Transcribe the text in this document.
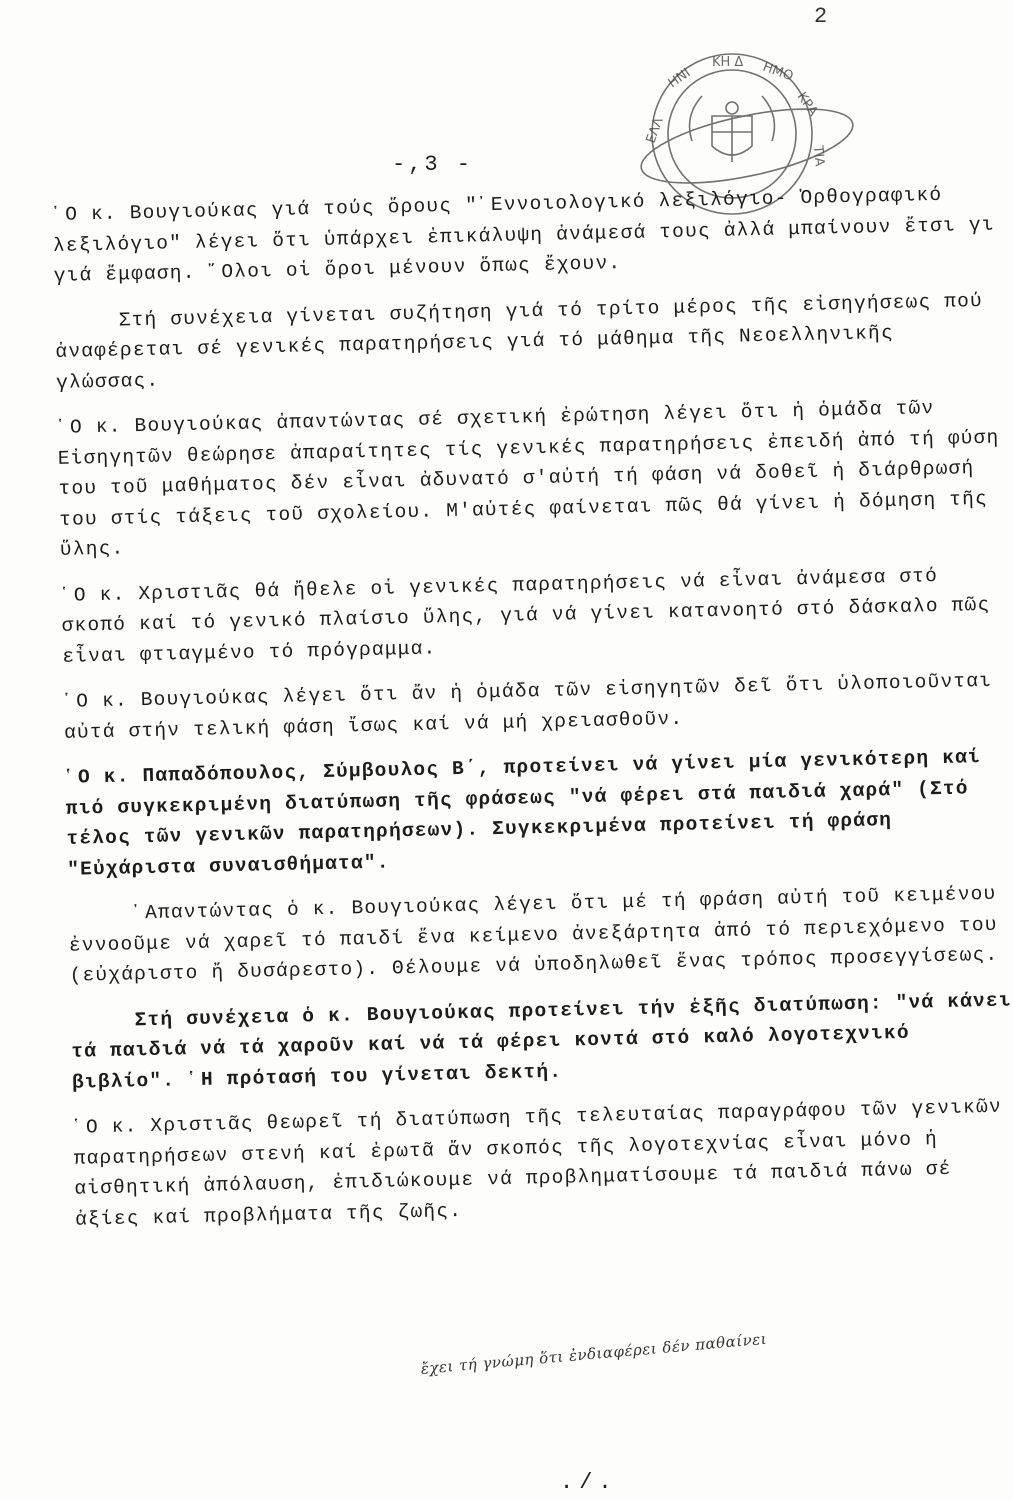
2
ΕΛΛ
ΗΝΙ
ΚΗ Δ ΗΜΟ
ΚΡΑ
ΤΙΑ
-,3 -

῾Ο κ. Βουγιούκας γιά τούς ὅρους "᾿Εννοιολογικό λεξιλόγιο- Ὀρθογραφικό λεξιλόγιο" λέγει ὅτι ὑπάρχει ἐπικάλυψη ἀνάμεσά τους ἀλλά μπαίνουν ἔτσι γι γιά ἔμφαση. ῞Ολοι οἱ ὅροι μένουν ὅπως ἔχουν.

Στή συνέχεια γίνεται συζήτηση γιά τό τρίτο μέρος τῆς εἰσηγήσεως πού ἀναφέρεται σέ γενικές παρατηρήσεις γιά τό μάθημα τῆς Νεοελληνικῆς γλώσσας.

῾Ο κ. Βουγιούκας ἀπαντώντας σέ σχετική ἐρώτηση λέγει ὅτι ἡ ὁμάδα τῶν Εἰσηγητῶν θεώρησε ἀπαραίτητες τίς γενικές παρατηρήσεις ἐπειδή ἀπό τή φύση του τοῦ μαθήματος δέν εἶναι ἀδυνατό σ'αὐτή τή φάση νά δοθεῖ ἡ διάρθρωσή του στίς τάξεις τοῦ σχολείου. Μ'αὐτές φαίνεται πῶς θά γίνει ἡ δόμηση τῆς ὕλης.

῾Ο κ. Χριστιᾶς θά ἤθελε οἱ γενικές παρατηρήσεις νά εἶναι ἀνάμεσα στό σκοπό καί τό γενικό πλαίσιο ὕλης, γιά νά γίνει κατανοητό στό δάσκαλο πῶς εἶναι φτιαγμένο τό πρόγραμμα.

῾Ο κ. Βουγιούκας λέγει ὅτι ἄν ἡ ὁμάδα τῶν εἰσηγητῶν δεῖ ὅτι ὑλοποιοῦνται αὐτά στήν τελική φάση ἴσως καί νά μή χρειασθοῦν.

῾Ο κ. Παπαδόπουλος, Σύμβουλος Β΄, προτείνει νά γίνει μία γενικότερη καί πιό συγκεκριμένη διατύπωση τῆς φράσεως "νά φέρει στά παιδιά χαρά" (Στό τέλος τῶν γενικῶν παρατηρήσεων). Συγκεκριμένα προτείνει τή φράση "Εὐχάριστα συναισθήματα".

᾿Απαντώντας ὁ κ. Βουγιούκας λέγει ὅτι μέ τή φράση αὐτή τοῦ κειμένου ἐννοοῦμε νά χαρεῖ τό παιδί ἕνα κείμενο ἀνεξάρτητα ἀπό τό περιεχόμενο του (εὐχάριστο ἤ δυσάρεστο). Θέλουμε νά ὑποδηλωθεῖ ἕνας τρόπος προσεγγίσεως.

Στή συνέχεια ὁ κ. Βουγιούκας προτείνει τήν ἑξῆς διατύπωση: "νά κάνει τά παιδιά νά τά χαροῦν καί νά τά φέρει κοντά στό καλό λογοτεχνικό βιβλίο". ῾Η πρότασή του γίνεται δεκτή.

῾Ο κ. Χριστιᾶς θεωρεῖ τή διατύπωση τῆς τελευταίας παραγράφου τῶν γενικῶν παρατηρήσεων στενή καί ἐρωτᾶ ἄν σκοπός τῆς λογοτεχνίας εἶναι μόνο ἡ αἰσθητική ἀπόλαυση, ἐπιδιώκουμε νά προβληματίσουμε τά παιδιά πάνω σέ ἀξίες καί προβλήματα τῆς ζωῆς.

ἔχει τή γνώμη ὅτι ἐνδιαφέρει δέν παθαίνει
./.
